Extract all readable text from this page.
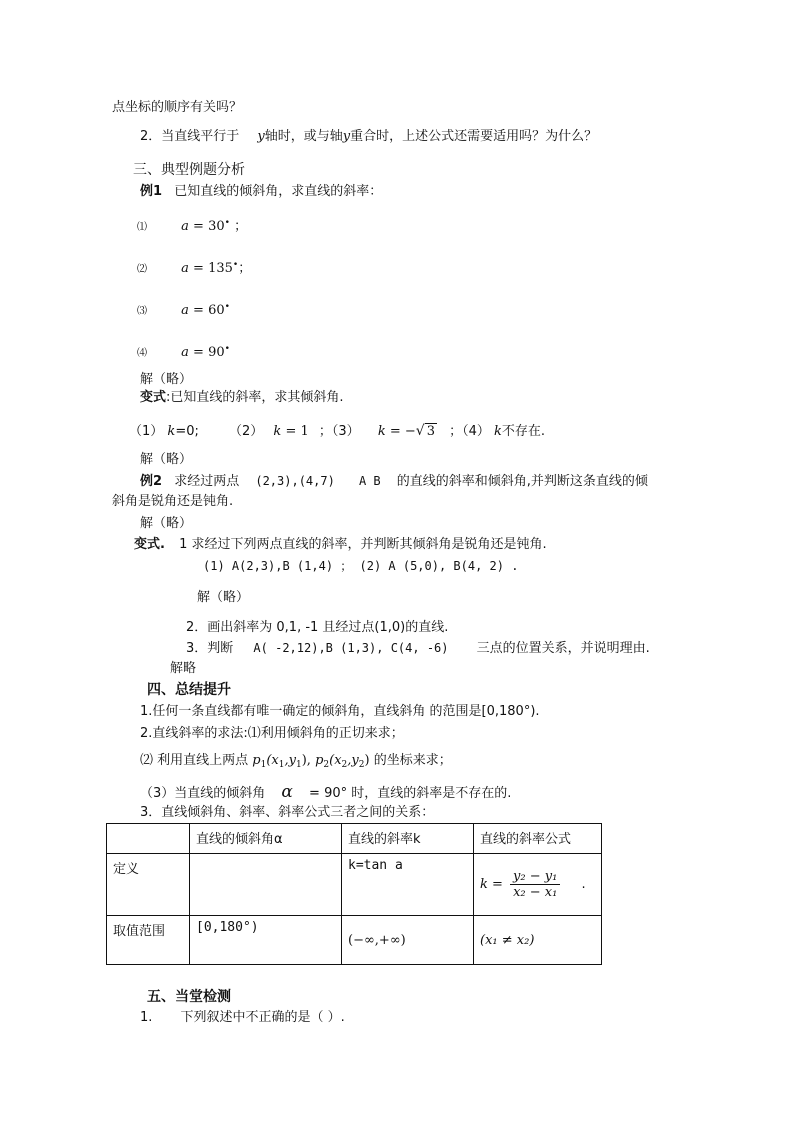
点坐标的顺序有关吗？
2．当直线平行于 y轴时，或与轴y重合时，上述公式还需要适用吗？为什么？
三、典型例题分析
例1 已知直线的倾斜角，求直线的斜率：
⑴	a = 30• ；
⑵	a = 135•；
⑶	a = 60•
⑷	a = 90•
解（略）
变式:已知直线的斜率，求其倾斜角.
（1） k=0; （2） k = 1 ；（3） k = −√ 3 ；（4） k不存在.
解（略）
例2 求经过两点 (2,3),(4,7) A B 的直线的斜率和倾斜角,并判断这条直线的倾
斜角是锐角还是钝角.
解（略）
变式. 1 求经过下列两点直线的斜率，并判断其倾斜角是锐角还是钝角.
(1) A(2,3),B (1,4) ； (2) A (5,0), B(4, 2) .
解（略）
2．画出斜率为 0,1, -1 且经过点(1,0)的直线.
3．判断 A( -2,12),B (1,3), C(4, -6) 三点的位置关系，并说明理由.
解略
四、总结提升
1.任何一条直线都有唯一确定的倾斜角，直线斜角 的范围是[0,180°).
2.直线斜率的求法:⑴利用倾斜角的正切来求；
⑵ 利用直线上两点 $p_1(x_1,y_1)$, $p_2(x_2,y_2)$ 的坐标来求；
（3）当直线的倾斜角 α = 90° 时，直线的斜率是不存在的.
3．直线倾斜角、斜率、斜率公式三者之间的关系：
	直线的倾斜角α	直线的斜率k	直线的斜率公式
定义		k=tan a	$k = \frac{\text{y₂ − y₁}}{\text{x₂ − x₁}}$ .
取值范围	[0,180°)	(−∞,+∞)	(x₁ ≠ x₂)
五、当堂检测
1. 下列叙述中不正确的是（ ）.
